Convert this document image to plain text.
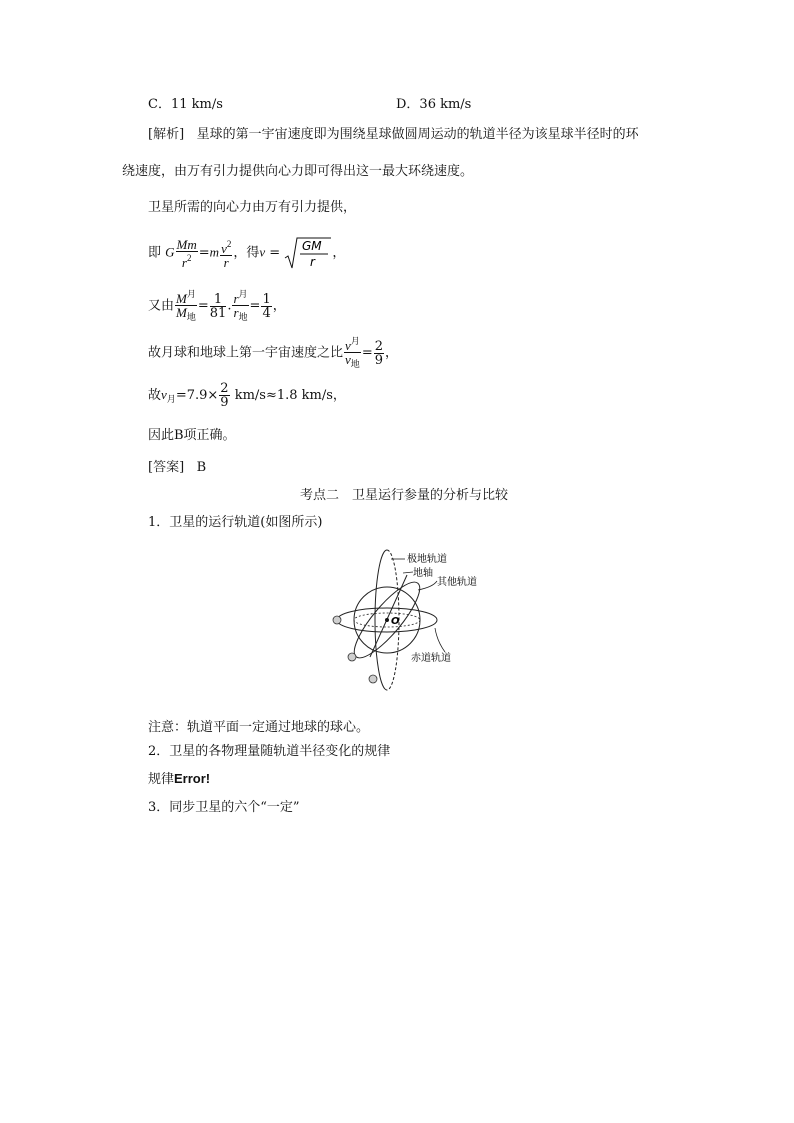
C．11 km/s	D．36 km/s
[解析] 星球的第一宇宙速度即为围绕星球做圆周运动的轨道半径为该星球半径时的环
绕速度，由万有引力提供向心力即可得出这一最大环绕速度。
卫星所需的向心力由万有引力提供，
即 G $\frac{Mm}{r^2} =m \frac{v^2}{r}$ ，得v = GM
r
，
又由 $\frac{M^月}{M_地} = \frac{1}{81}$ . $\frac{r^月}{r_地} = \frac{1}{4}$ ，
故月球和地球上第一宇宙速度之比 $\frac{v^月}{v_地} = \frac{2}{9}$ ，
故$v_月=7.9\times \frac{2}{9} km/s\approx 1.8$ km/s，
因此B项正确。
[答案] B
考点二　卫星运行参量的分析与比较
1．卫星的运行轨道(如图所示)
O
极地轨道
地轴
其他轨道
赤道轨道
注意：轨道平面一定通过地球的球心。
2．卫星的各物理量随轨道半径变化的规律
规律Error!
3．同步卫星的六个“一定”
